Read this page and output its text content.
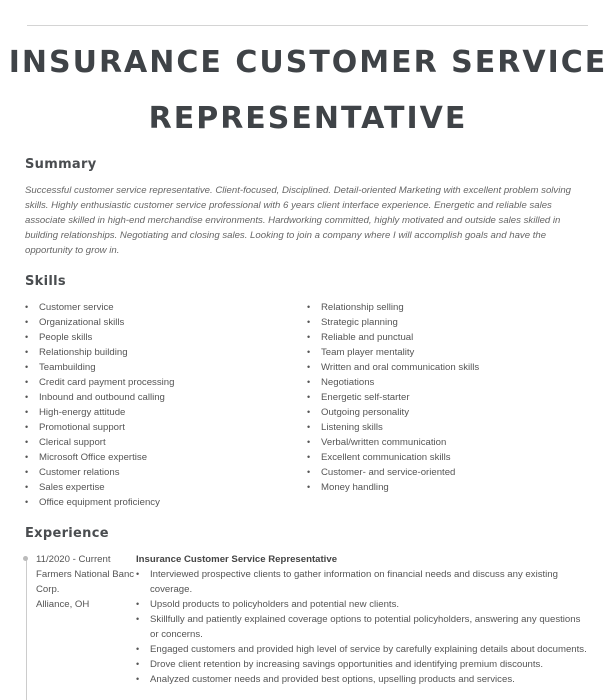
INSURANCE CUSTOMER SERVICE
REPRESENTATIVE
Summary
Successful customer service representative. Client-focused, Disciplined. Detail-oriented Marketing with excellent problem solving skills. Highly enthusiastic customer service professional with 6 years client interface experience. Energetic and reliable sales associate skilled in high-end merchandise environments. Hardworking committed, highly motivated and outside sales skilled in building relationships. Negotiating and closing sales. Looking to join a company where I will accomplish goals and have the opportunity to grow in.
Skills
• Customer service
• Organizational skills
• People skills
• Relationship building
• Teambuilding
• Credit card payment processing
• Inbound and outbound calling
• High-energy attitude
• Promotional support
• Clerical support
• Microsoft Office expertise
• Customer relations
• Sales expertise
• Office equipment proficiency
• Relationship selling
• Strategic planning
• Reliable and punctual
• Team player mentality
• Written and oral communication skills
• Negotiations
• Energetic self-starter
• Outgoing personality
• Listening skills
• Verbal/written communication
• Excellent communication skills
• Customer- and service-oriented
• Money handling
Experience
11/2020 - Current
Farmers National Banc Corp.
Alliance, OH
Insurance Customer Service Representative
• Interviewed prospective clients to gather information on financial needs and discuss any existing coverage.
• Upsold products to policyholders and potential new clients.
• Skillfully and patiently explained coverage options to potential policyholders, answering any questions or concerns.
• Engaged customers and provided high level of service by carefully explaining details about documents.
• Drove client retention by increasing savings opportunities and identifying premium discounts.
• Analyzed customer needs and provided best options, upselling products and services.
